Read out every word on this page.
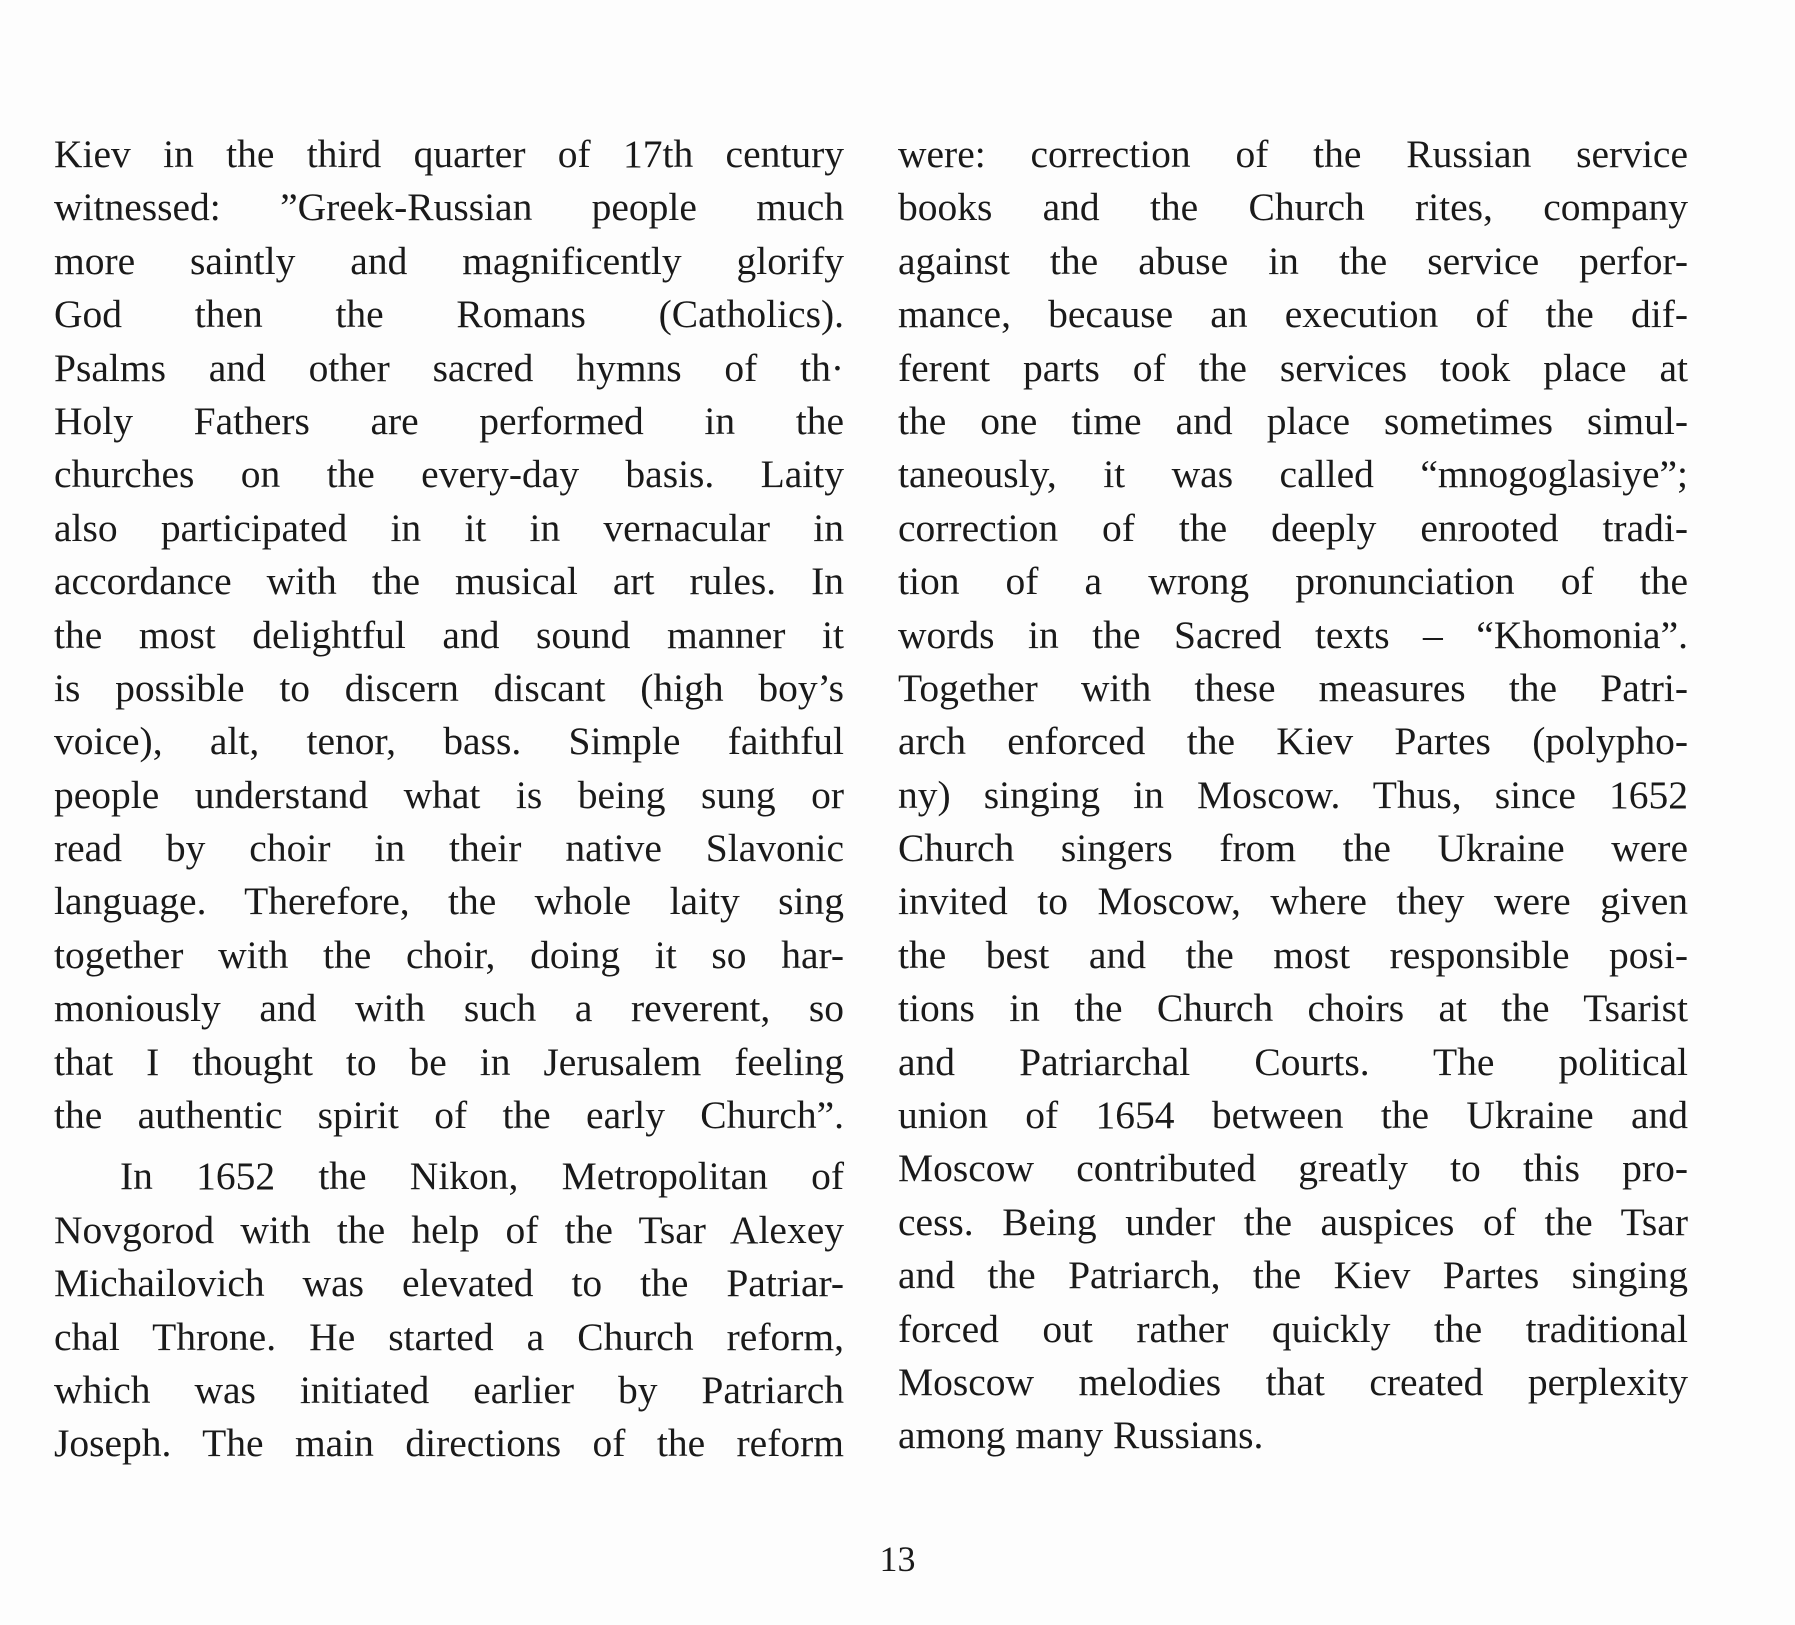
Kiev in the third quarter of 17th century
witnessed: ”Greek-Russian people much
more saintly and magnificently glorify
God then the Romans (Catholics).
Psalms and other sacred hymns of th·
Holy Fathers are performed in the
churches on the every-day basis. Laity
also participated in it in vernacular in
accordance with the musical art rules. In
the most delightful and sound manner it
is possible to discern discant (high boy’s
voice), alt, tenor, bass. Simple faithful
people understand what is being sung or
read by choir in their native Slavonic
language. Therefore, the whole laity sing
together with the choir, doing it so har-
moniously and with such a reverent, so
that I thought to be in Jerusalem feeling
the authentic spirit of the early Church”.
In 1652 the Nikon, Metropolitan of
Novgorod with the help of the Tsar Alexey
Michailovich was elevated to the Patriar-
chal Throne. He started a Church reform,
which was initiated earlier by Patriarch
Joseph. The main directions of the reform
were: correction of the Russian service
books and the Church rites, company
against the abuse in the service perfor-
mance, because an execution of the dif-
ferent parts of the services took place at
the one time and place sometimes simul-
taneously, it was called “mnogoglasiye”;
correction of the deeply enrooted tradi-
tion of a wrong pronunciation of the
words in the Sacred texts – “Khomonia”.
Together with these measures the Patri-
arch enforced the Kiev Partes (polypho-
ny) singing in Moscow. Thus, since 1652
Church singers from the Ukraine were
invited to Moscow, where they were given
the best and the most responsible posi-
tions in the Church choirs at the Tsarist
and Patriarchal Courts. The political
union of 1654 between the Ukraine and
Moscow contributed greatly to this pro-
cess. Being under the auspices of the Tsar
and the Patriarch, the Kiev Partes singing
forced out rather quickly the traditional
Moscow melodies that created perplexity
among many Russians.
13
